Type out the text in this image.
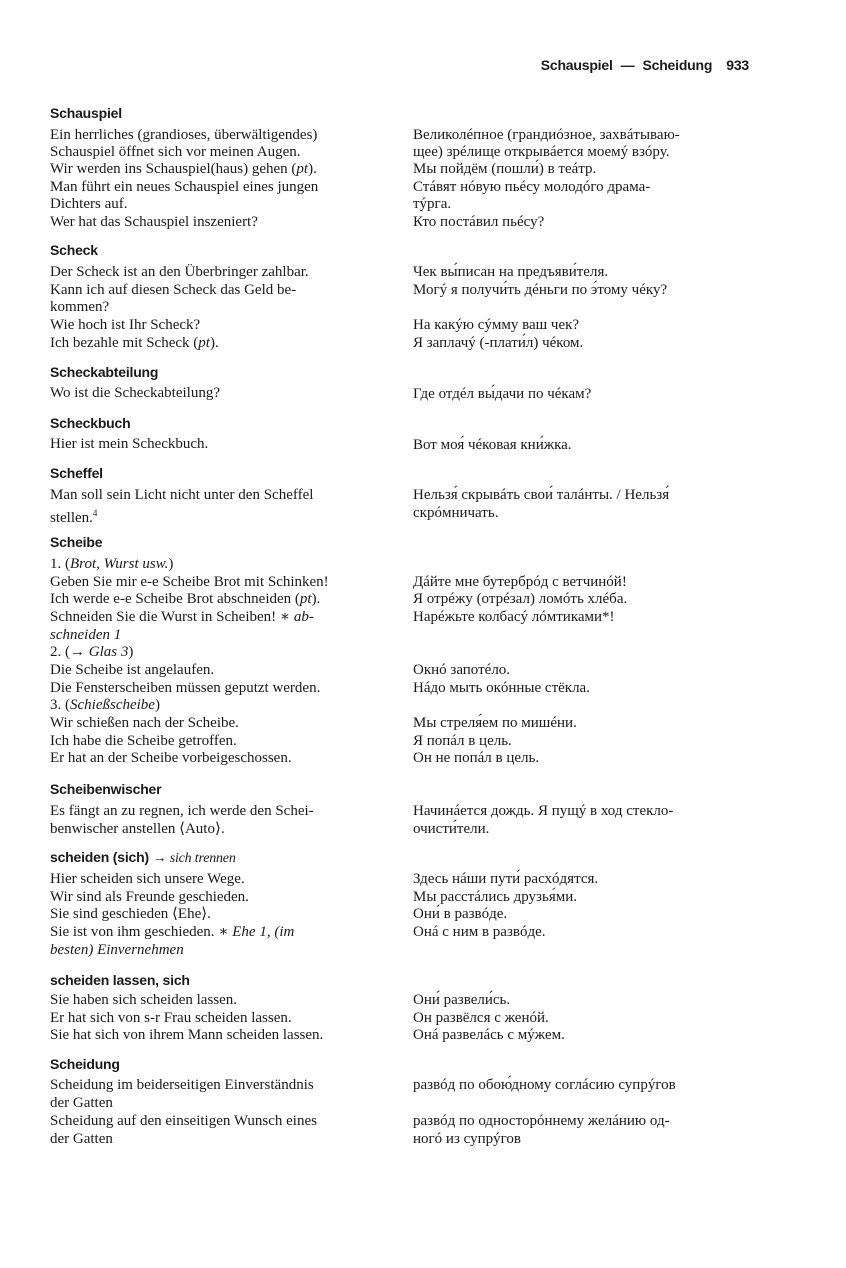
Schauspiel — Scheidung 933
Schauspiel
Ein herrliches (grandioses, überwältigendes)
Schauspiel öffnet sich vor meinen Augen.
Wir werden ins Schauspiel(haus) gehen (pt).
Man führt ein neues Schauspiel eines jungen
Dichters auf.
Wer hat das Schauspiel inszeniert?
Великолéпное (грандиóзное, захвáтываю-
щее) зрéлище открывáется моемý взóру.
Мы пойдём (пошли́) в теáтр.
Стáвят нóвую пьéсу молодóго драма-
тýрга.
Кто постáвил пьéсу?
Scheck
Der Scheck ist an den Überbringer zahlbar.
Kann ich auf diesen Scheck das Geld be-
kommen?
Wie hoch ist Ihr Scheck?
Ich bezahle mit Scheck (pt).
Чек вы́писан на предъяви́теля.
Могý я получи́ть дéньги по э́тому чéку?
На какýю сýмму ваш чек?
Я заплачý (-плати́л) чéком.
Scheckabteilung
Wo ist die Scheckabteilung?	Где отдéл вы́дачи по чéкам?
Scheckbuch
Hier ist mein Scheckbuch.	Вот моя́ чéковая кни́жка.
Scheffel
Man soll sein Licht nicht unter den Scheffel
stellen.$^4$
Нельзя́ скрывáть свои́ талáнты. / Нельзя́
скрóмничать.
Scheibe
1. (Brot, Wurst usw.)
Geben Sie mir e-e Scheibe Brot mit Schinken!
Ich werde e-e Scheibe Brot abschneiden (pt).
Schneiden Sie die Wurst in Scheiben! ∗ ab-
schneiden 1
2. (→ Glas 3)
Die Scheibe ist angelaufen.
Die Fensterscheiben müssen geputzt werden.
3. (Schießscheibe)
Wir schießen nach der Scheibe.
Ich habe die Scheibe getroffen.
Er hat an der Scheibe vorbeigeschossen.
Дáйте мне бутербрóд с ветчинóй!
Я отрéжу (отрéзал) ломóть хлéба.
Нарéжьте колбасý лóмтиками*!
Окнó запотéло.
Нáдо мыть окóнные стёкла.
Мы стреля́ем по мишéни.
Я попáл в цель.
Он не попáл в цель.
Scheibenwischer
Es fängt an zu regnen, ich werde den Schei-
benwischer anstellen ⟨Auto⟩.
Начинáется дождь. Я пущý в ход стекло-
очисти́тели.
scheiden (sich) → sich trennen
Hier scheiden sich unsere Wege.
Wir sind als Freunde geschieden.
Sie sind geschieden ⟨Ehe⟩.
Sie ist von ihm geschieden. ∗ Ehe 1, (im
besten) Einvernehmen
Здесь нáши пути́ расхóдятся.
Мы расстáлись друзья́ми.
Они́ в развóде.
Онá с ним в развóде.
scheiden lassen, sich
Sie haben sich scheiden lassen.
Er hat sich von s-r Frau scheiden lassen.
Sie hat sich von ihrem Mann scheiden lassen.
Они́ развели́сь.
Он развёлся с женóй.
Онá развелáсь с мýжем.
Scheidung
Scheidung im beiderseitigen Einverständnis
der Gatten
Scheidung auf den einseitigen Wunsch eines
der Gatten
развóд по обою́дному соглáсию супрýгов
развóд по односторóннему желáнию од-
нoгó из супрýгов
